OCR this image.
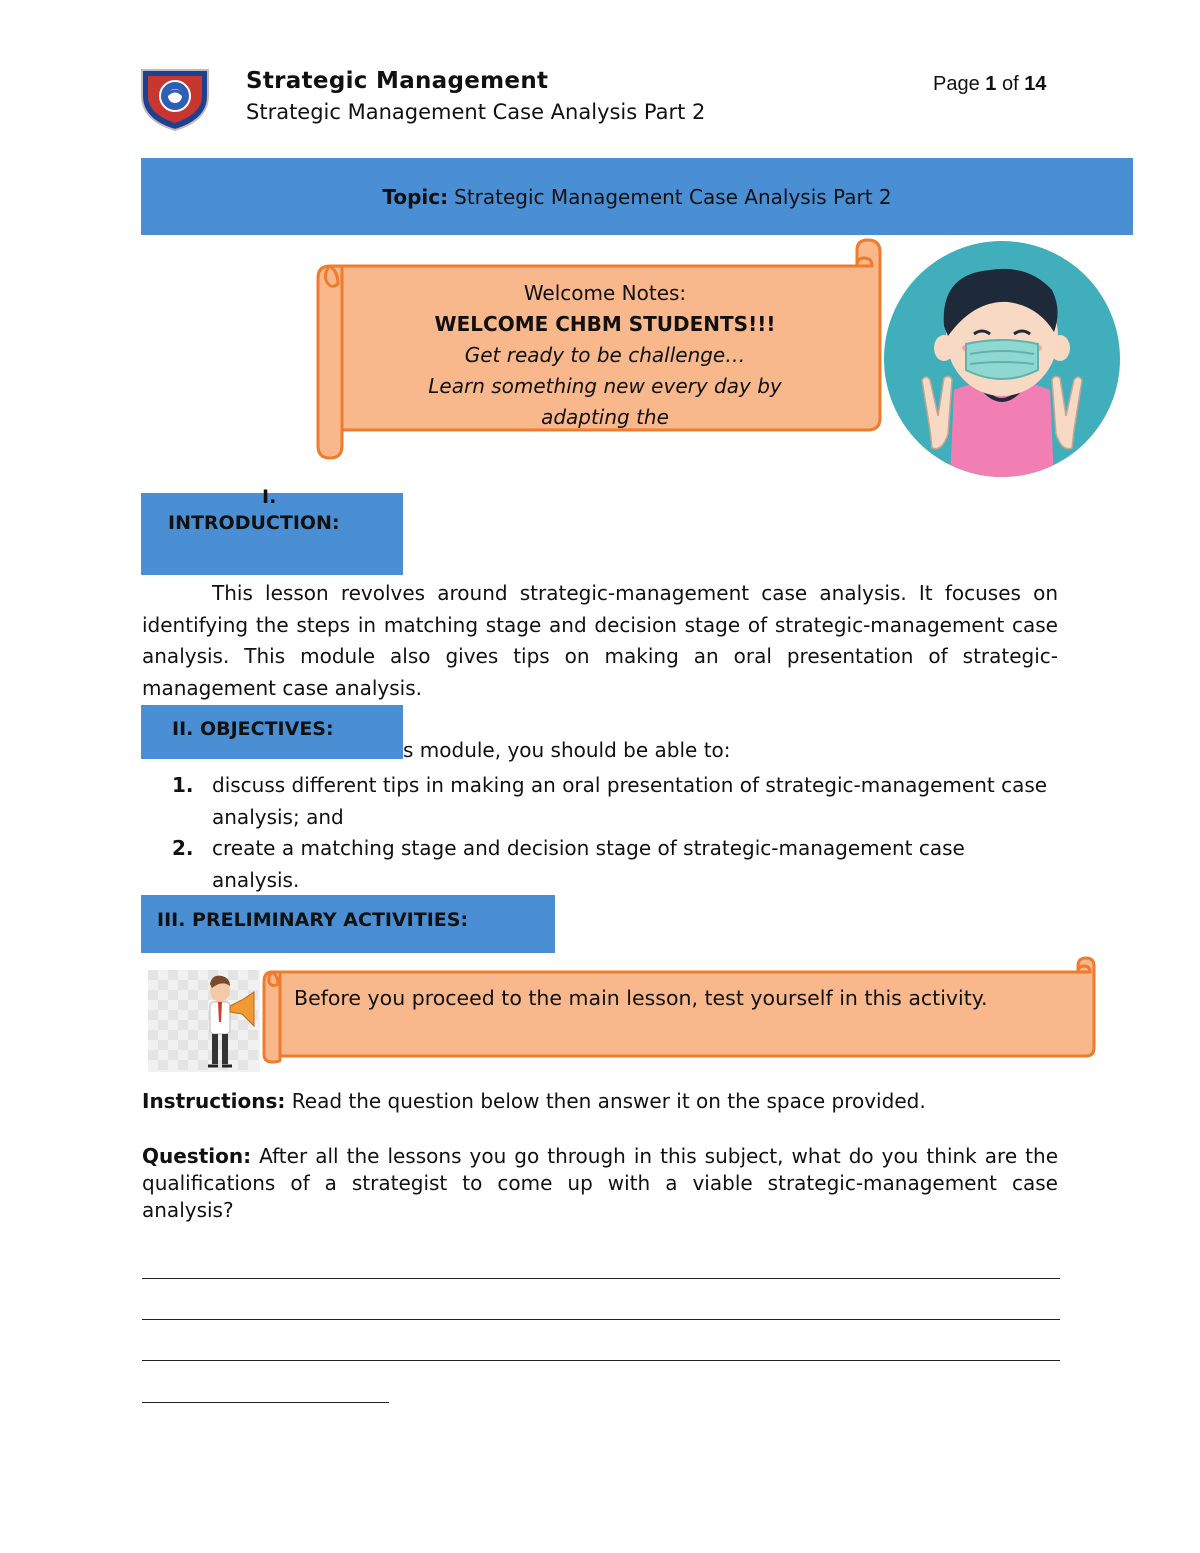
Strategic Management
Strategic Management Case Analysis Part 2
Page 1 of 14
Topic: Strategic Management Case Analysis Part 2
Welcome Notes:
WELCOME CHBM STUDENTS!!!
Get ready to be challenge…
Learn something new every day by
adapting the
I.
INTRODUCTION:
This lesson revolves around strategic-management case analysis. It focuses on identifying the steps in matching stage and decision stage of strategic-management case analysis. This module also gives tips on making an oral presentation of strategic-management case analysis.
II. OBJECTIVES:
s module, you should be able to:
1. discuss different tips in making an oral presentation of strategic-management case analysis; and
2. create a matching stage and decision stage of strategic-management case analysis.
III. PRELIMINARY ACTIVITIES:
Before you proceed to the main lesson, test yourself in this activity.
Instructions: Read the question below then answer it on the space provided.
Question: After all the lessons you go through in this subject, what do you think are the qualifications of a strategist to come up with a viable strategic-management case analysis?
